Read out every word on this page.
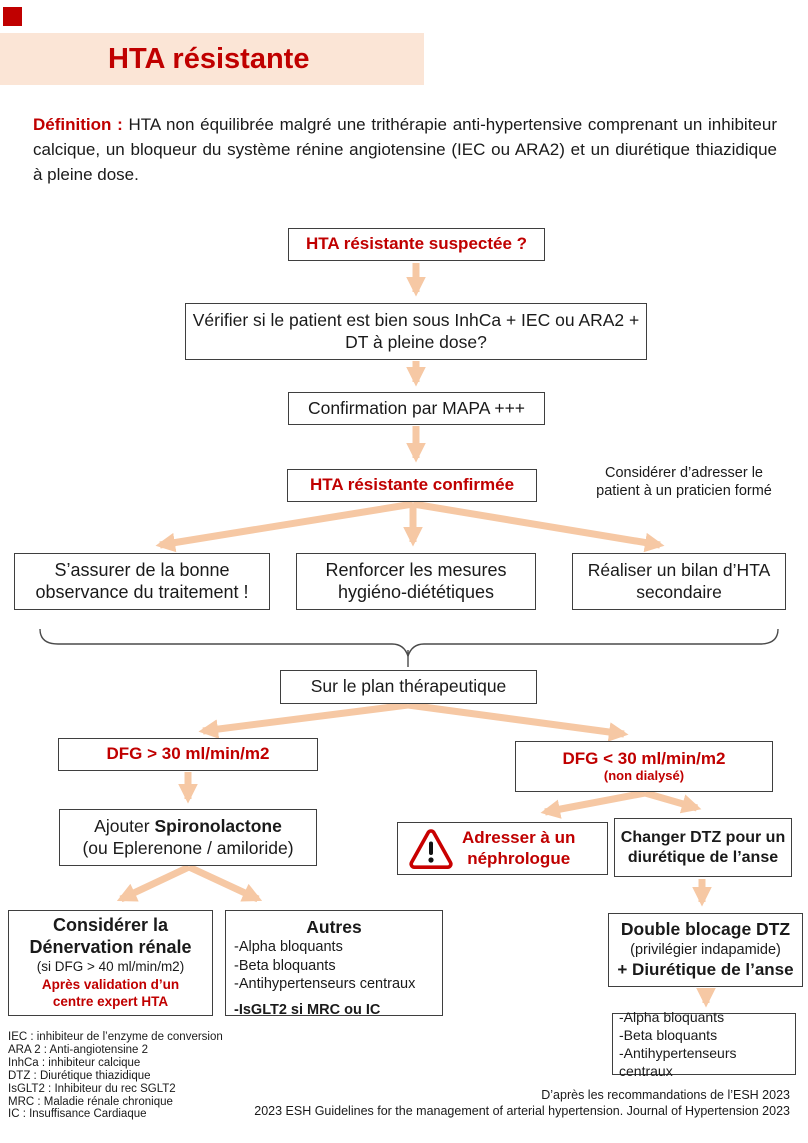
HTA résistante

Définition : HTA non équilibrée malgré une trithérapie anti-hypertensive comprenant un inhibiteur calcique, un bloqueur du système rénine angiotensine (IEC ou ARA2) et un diurétique thiazidique à pleine dose.

HTA résistante suspectée ?
Vérifier si le patient est bien sous InhCa + IEC ou ARA2 +
DT à pleine dose?
Confirmation par MAPA +++
HTA résistante confirmée
Considérer d’adresser le
patient à un praticien formé
S’assurer de la bonne
observance du traitement !
Renforcer les mesures
hygiéno-diététiques
Réaliser un bilan d’HTA
secondaire
Sur le plan thérapeutique
DFG > 30 ml/min/m2	DFG < 30 ml/min/m2
(non dialysé)
Ajouter Spironolactone
(ou Eplerenone / amiloride)
Adresser à un
néphrologue
Changer DTZ pour un
diurétique de l’anse
Considérer la
Dénervation rénale
(si DFG > 40 ml/min/m2)
Après validation d’un
centre expert HTA
Autres
-Alpha bloquants
-Beta bloquants
-Antihypertenseurs centraux
-IsGLT2 si MRC ou IC
Double blocage DTZ
(privilégier indapamide)
+ Diurétique de l’anse
-Alpha bloquants
-Beta bloquants
-Antihypertenseurs centraux
IEC : inhibiteur de l’enzyme de conversion
ARA 2 : Anti-angiotensine 2
InhCa : inhibiteur calcique
DTZ : Diurétique thiazidique
IsGLT2 : Inhibiteur du rec SGLT2
MRC : Maladie rénale chronique
IC : Insuffisance Cardiaque
D’après les recommandations de l’ESH 2023
2023 ESH Guidelines for the management of arterial hypertension. Journal of Hypertension 2023
